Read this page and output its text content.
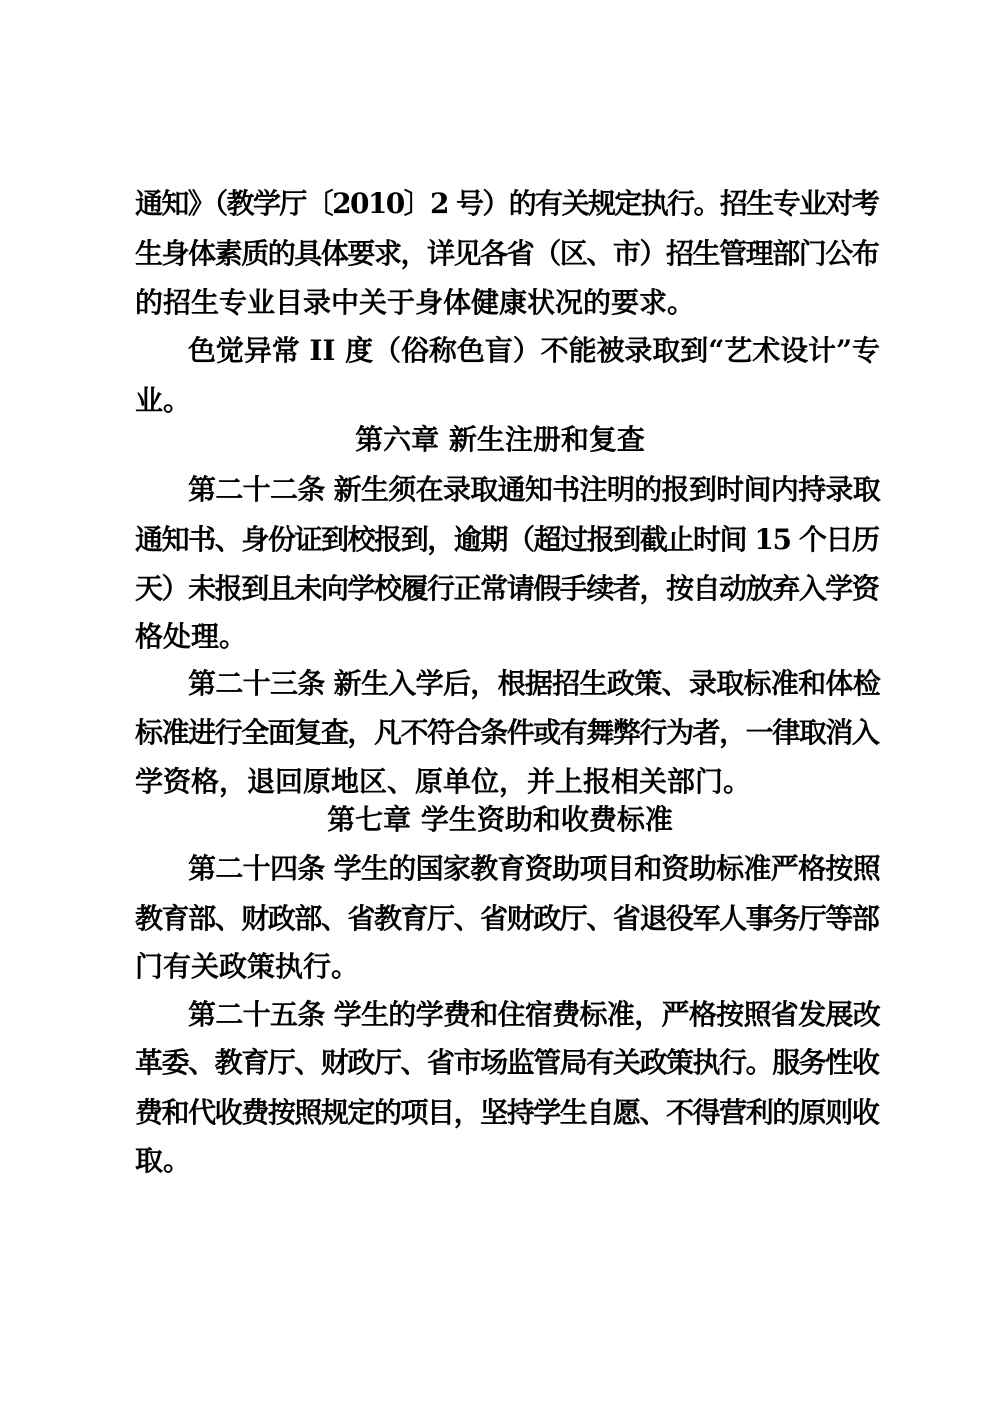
通知》（教学厅〔2010〕2 号）的有关规定执行。招生专业对考

生身体素质的具体要求，详见各省（区、市）招生管理部门公布

的招生专业目录中关于身体健康状况的要求。

色觉异常 II 度（俗称色盲）不能被录取到“艺术设计”专

业。

第六章 新生注册和复查

第二十二条 新生须在录取通知书注明的报到时间内持录取

通知书、身份证到校报到，逾期（超过报到截止时间 15 个日历

天）未报到且未向学校履行正常请假手续者，按自动放弃入学资

格处理。

第二十三条 新生入学后，根据招生政策、录取标准和体检

标准进行全面复查，凡不符合条件或有舞弊行为者，一律取消入

学资格，退回原地区、原单位，并上报相关部门。

第七章 学生资助和收费标准

第二十四条 学生的国家教育资助项目和资助标准严格按照

教育部、财政部、省教育厅、省财政厅、省退役军人事务厅等部

门有关政策执行。

第二十五条 学生的学费和住宿费标准，严格按照省发展改

革委、教育厅、财政厅、省市场监管局有关政策执行。服务性收

费和代收费按照规定的项目，坚持学生自愿、不得营利的原则收

取。
